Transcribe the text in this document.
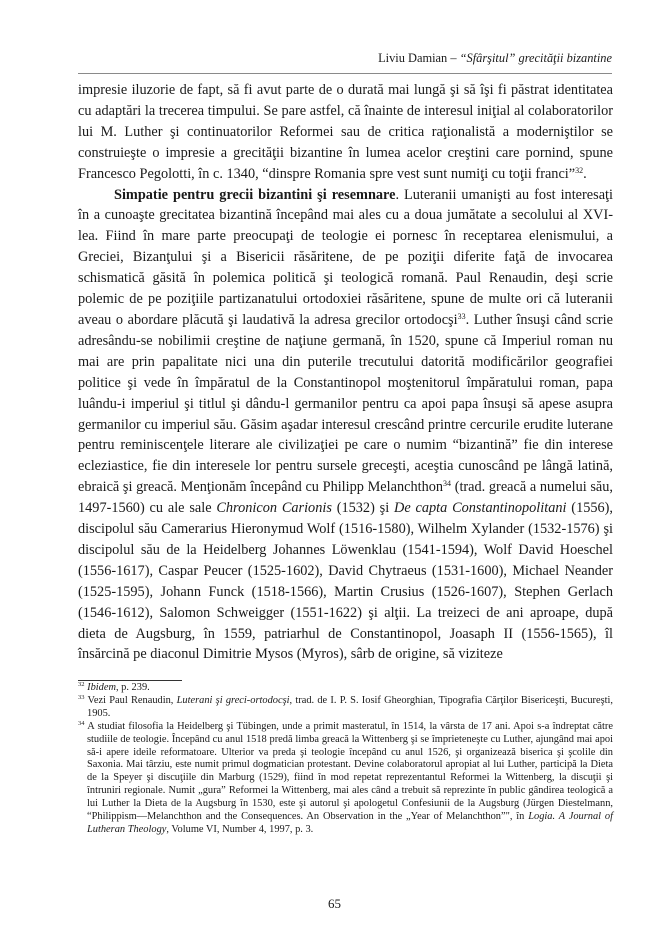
Liviu Damian – “Sfârşitul” grecităţii bizantine

impresie iluzorie de fapt, să fi avut parte de o durată mai lungă şi să îşi fi păstrat identitatea cu adaptări la trecerea timpului. Se pare astfel, că înainte de interesul iniţial al colaboratorilor lui M. Luther şi continuatorilor Reformei sau de critica raţionalistă a moderniştilor se construieşte o impresie a grecităţii bizantine în lumea acelor creştini care pornind, spune Francesco Pegolotti, în c. 1340, “dinspre Romania spre vest sunt numiţi cu toţii franci”$^{32}$.

Simpatie pentru grecii bizantini şi resemnare. Luteranii umanişti au fost interesaţi în a cunoaşte grecitatea bizantină începând mai ales cu a doua jumătate a secolului al XVI-lea. Fiind în mare parte preocupaţi de teologie ei pornesc în receptarea elenismului, a Greciei, Bizanţului şi a Bisericii răsăritene, de pe poziţii diferite faţă de invocarea schismatică găsită în polemica politică şi teologică romană. Paul Renaudin, deşi scrie polemic de pe poziţiile partizanatului ortodoxiei răsăritene, spune de multe ori că luteranii aveau o abordare plăcută şi laudativă la adresa grecilor ortodocşi$^{33}$. Luther însuşi când scrie adresându-se nobilimii creştine de naţiune germană, în 1520, spune că Imperiul roman nu mai are prin papalitate nici una din puterile trecutului datorită modificărilor geografiei politice şi vede în împăratul de la Constantinopol moştenitorul împăratului roman, papa luându-i imperiul şi titlul şi dându-l germanilor pentru ca apoi papa însuşi să apese asupra germanilor cu imperiul său. Găsim aşadar interesul crescând printre cercurile erudite luterane pentru reminiscenţele literare ale civilizaţiei pe care o numim “bizantină” fie din interese ecleziastice, fie din interesele lor pentru sursele greceşti, aceştia cunoscând pe lângă latină, ebraică şi greacă. Menţionăm începând cu Philipp Melanchthon$^{34}$ (trad. greacă a numelui său, 1497-1560) cu ale sale Chronicon Carionis (1532) şi De capta Constantinopolitani (1556), discipolul său Camerarius Hieronymud Wolf (1516-1580), Wilhelm Xylander (1532-1576) şi discipolul său de la Heidelberg Johannes Löwenklau (1541-1594), Wolf David Hoeschel (1556-1617), Caspar Peucer (1525-1602), David Chytraeus (1531-1600), Michael Neander (1525-1595), Johann Funck (1518-1566), Martin Crusius (1526-1607), Stephen Gerlach (1546-1612), Salomon Schweigger (1551-1622) şi alţii. La treizeci de ani aproape, după dieta de Augsburg, în 1559, patriarhul de Constantinopol, Joasaph II (1556-1565), îl însărcină pe diaconul Dimitrie Mysos (Myros), sârb de origine, să viziteze

$^{32}$ Ibidem, p. 239.

$^{33}$ Vezi Paul Renaudin, Luterani şi greci-ortodocşi, trad. de I. P. S. Iosif Gheorghian, Tipografia Cărţilor Bisericeşti, Bucureşti, 1905.

$^{34}$ A studiat filosofia la Heidelberg şi Tübingen, unde a primit masteratul, în 1514, la vârsta de 17 ani. Apoi s-a îndreptat către studiile de teologie. Începând cu anul 1518 predă limba greacă la Wittenberg şi se împrieteneşte cu Luther, ajungând mai apoi să-i apere ideile reformatoare. Ulterior va preda şi teologie începând cu anul 1526, şi organizează biserica şi şcolile din Saxonia. Mai târziu, este numit primul dogmatician protestant. Devine colaboratorul apropiat al lui Luther, participă la Dieta de la Speyer şi discuţiile din Marburg (1529), fiind în mod repetat reprezentantul Reformei la Wittenberg, la discuţii şi întruniri regionale. Numit „gura” Reformei la Wittenberg, mai ales când a trebuit să reprezinte în public gândirea teologică a lui Luther la Dieta de la Augsburg în 1530, este şi autorul şi apologetul Confesiunii de la Augsburg (Jürgen Diestelmann, “Philippism—Melanchthon and the Consequences. An Observation in the „Year of Melanchthon”", în Logia. A Journal of Lutheran Theology, Volume VI, Number 4, 1997, p. 3.

65
